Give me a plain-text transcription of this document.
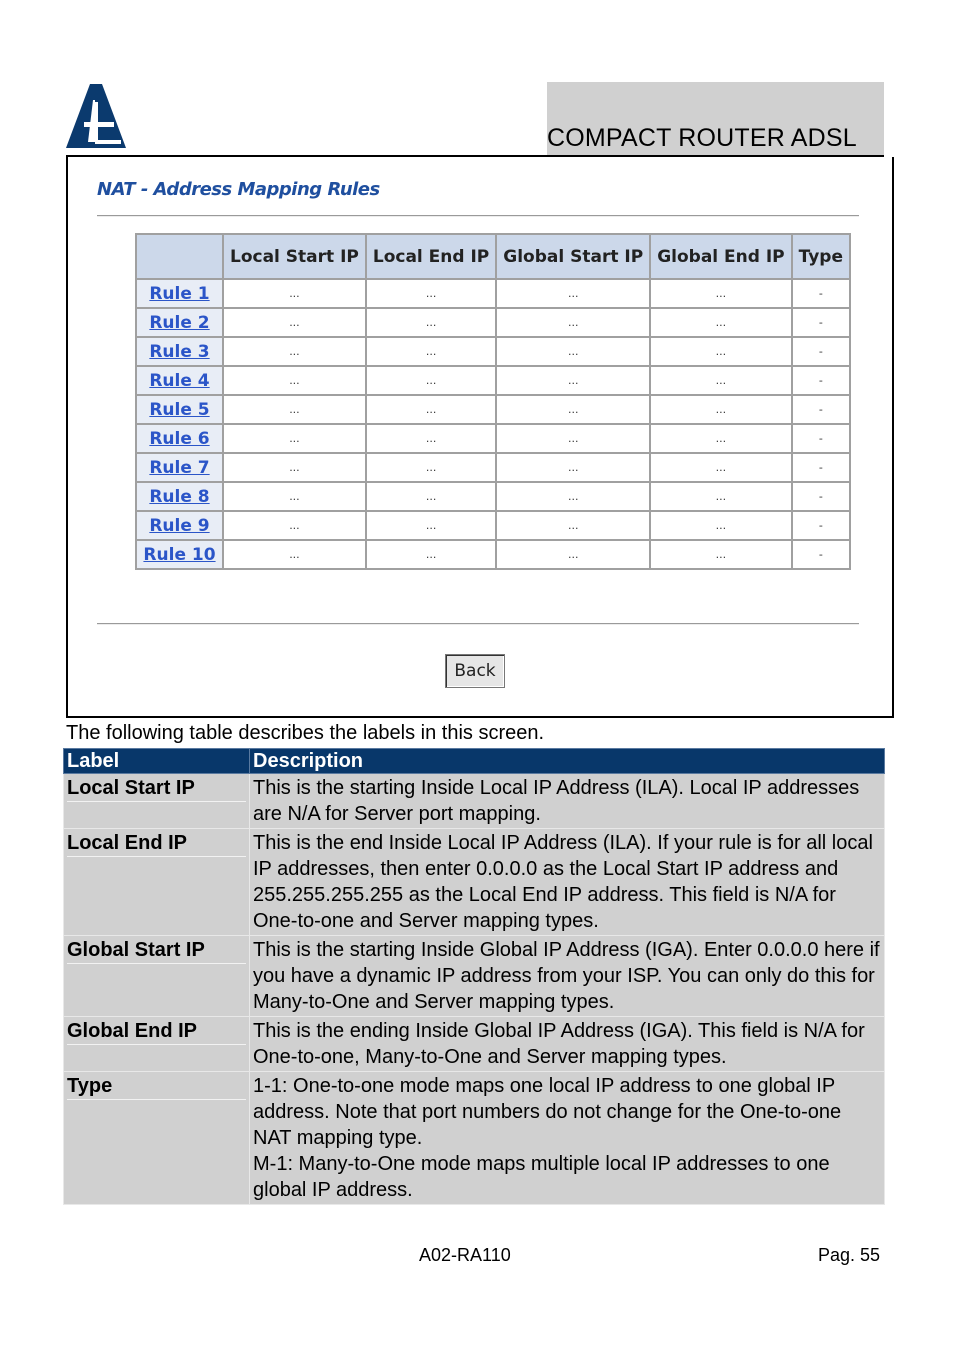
COMPACT ROUTER ADSL
NAT - Address Mapping Rules
	Local Start IP	Local End IP	Global Start IP	Global End IP	Type
Rule 1	...	...	...	...	-
Rule 2	...	...	...	...	-
Rule 3	...	...	...	...	-
Rule 4	...	...	...	...	-
Rule 5	...	...	...	...	-
Rule 6	...	...	...	...	-
Rule 7	...	...	...	...	-
Rule 8	...	...	...	...	-
Rule 9	...	...	...	...	-
Rule 10	...	...	...	...	-
Back
The following table describes the labels in this screen.
Label	Description

Local Start IP	This is the starting Inside Local IP Address (ILA). Local IP addresses are N/A for Server port mapping.

Local End IP	This is the end Inside Local IP Address (ILA). If your rule is for all local IP addresses, then enter 0.0.0.0 as the Local Start IP address and 255.255.255.255 as the Local End IP address. This field is N/A for One-to-one and Server mapping types.

Global Start IP	This is the starting Inside Global IP Address (IGA). Enter 0.0.0.0 here if you have a dynamic IP address from your ISP. You can only do this for Many-to-One and Server mapping types.

Global End IP	This is the ending Inside Global IP Address (IGA). This field is N/A for One-to-one, Many-to-One and Server mapping types.

Type	1-1: One-to-one mode maps one local IP address to one global IP address. Note that port numbers do not change for the One-to-one NAT mapping type.
M-1: Many-to-One mode maps multiple local IP addresses to one global IP address.
A02-RA110	Pag. 55
